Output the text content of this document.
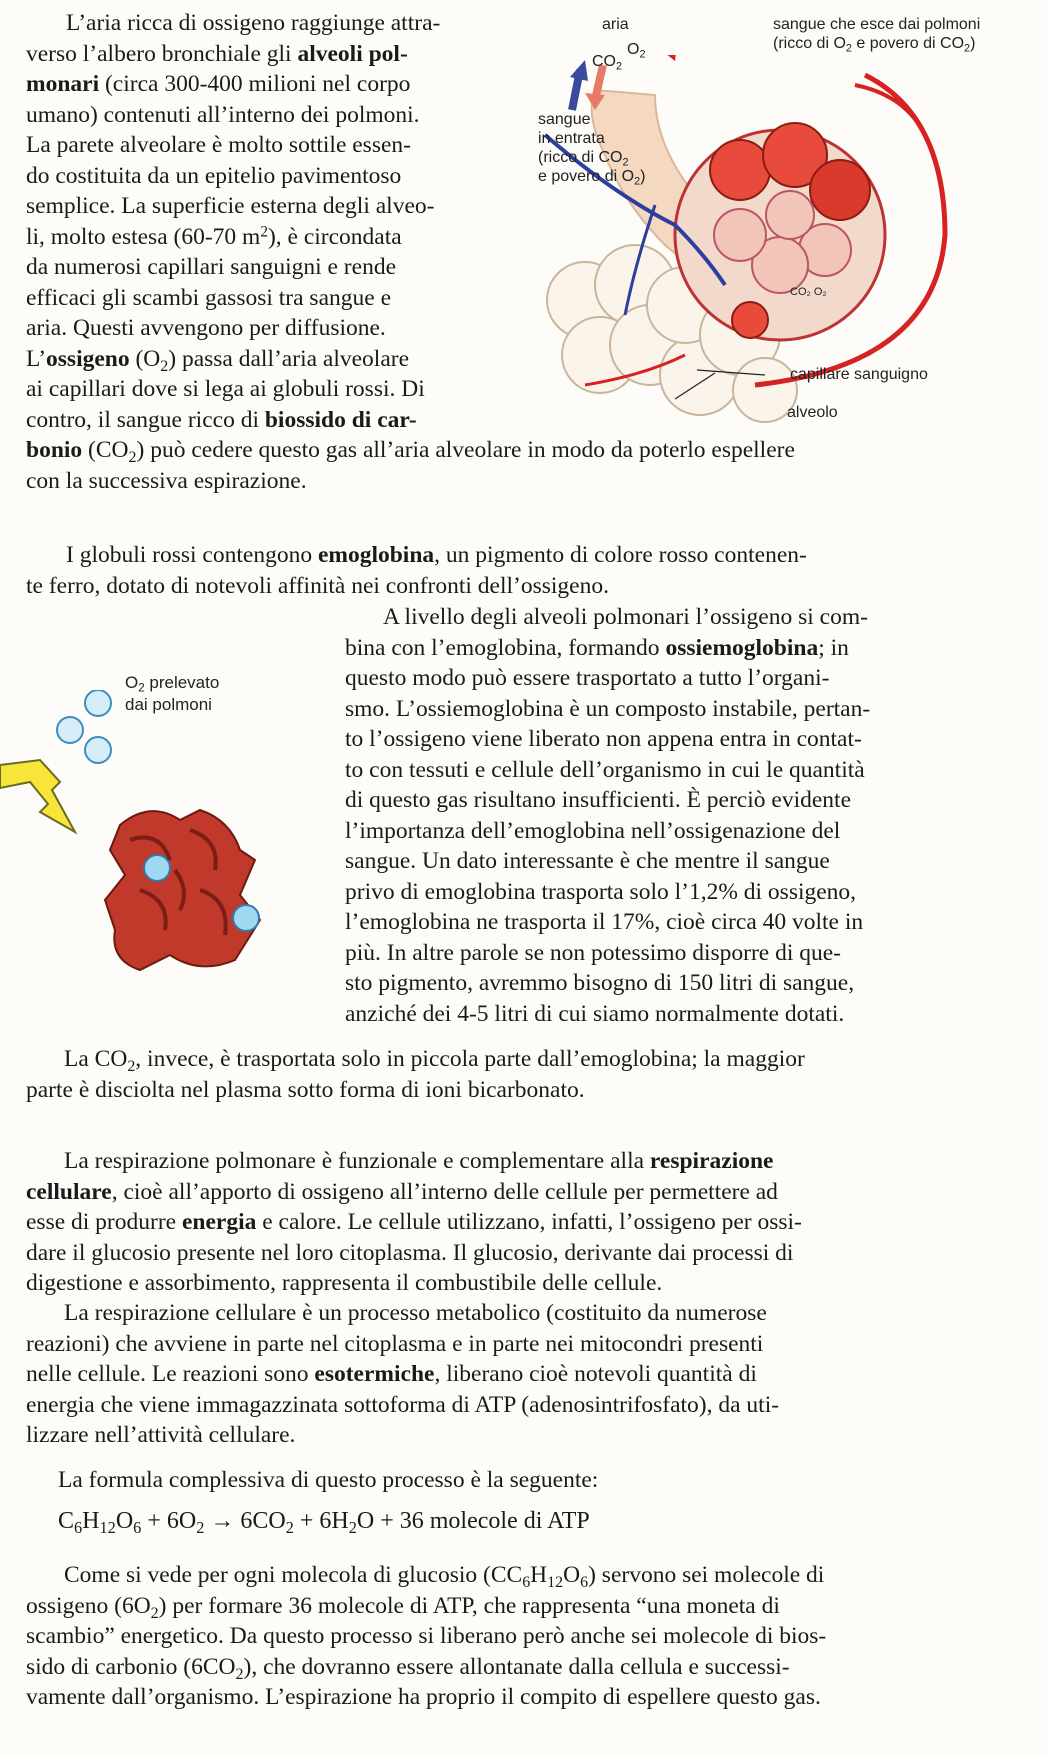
L’aria ricca di ossigeno raggiunge attra-
verso l’albero bronchiale gli alveoli pol-
monari (circa 300-400 milioni nel corpo
umano) contenuti all’interno dei polmoni.
La parete alveolare è molto sottile essen-
do costituita da un epitelio pavimentoso
semplice. La superficie esterna degli alveo-
li, molto estesa (60-70 $m^2$), è circondata
da numerosi capillari sanguigni e rende
efficaci gli scambi gassosi tra sangue e
aria. Questi avvengono per diffusione.
L’ossigeno $(O_2)$ passa dall’aria alveolare
ai capillari dove si lega ai globuli rossi. Di
contro, il sangue ricco di biossido di car-
bonio $(CO_2)$ può cedere questo gas all’aria alveolare in modo da poterlo espellere
con la successiva espirazione.
aria
$CO_2$
$O_2$
sangue che esce dai polmoni
(ricco di $O_2$ e povero di $CO_2$)
sangue
in entrata
(ricco di $CO_2$
e povero di $O_2$)
CO₂ O₂
capillare sanguigno
alveolo
I globuli rossi contengono emoglobina, un pigmento di colore rosso contenen-
te ferro, dotato di notevoli affinità nei confronti dell’ossigeno.
A livello degli alveoli polmonari l’ossigeno si com-
bina con l’emoglobina, formando ossiemoglobina; in
questo modo può essere trasportato a tutto l’organi-
smo. L’ossiemoglobina è un composto instabile, pertan-
to l’ossigeno viene liberato non appena entra in contat-
to con tessuti e cellule dell’organismo in cui le quantità
di questo gas risultano insufficienti. È perciò evidente
l’importanza dell’emoglobina nell’ossigenazione del
sangue. Un dato interessante è che mentre il sangue
privo di emoglobina trasporta solo l’1,2% di ossigeno,
l’emoglobina ne trasporta il 17%, cioè circa 40 volte in
più. In altre parole se non potessimo disporre di que-
sto pigmento, avremmo bisogno di 150 litri di sangue,
anziché dei 4-5 litri di cui siamo normalmente dotati.
La $CO_2$, invece, è trasportata solo in piccola parte dall’emoglobina; la maggior
parte è disciolta nel plasma sotto forma di ioni bicarbonato.
$O_2$ prelevato
dai polmoni
La respirazione polmonare è funzionale e complementare alla respirazione
cellulare, cioè all’apporto di ossigeno all’interno delle cellule per permettere ad
esse di produrre energia e calore. Le cellule utilizzano, infatti, l’ossigeno per ossi-
dare il glucosio presente nel loro citoplasma. Il glucosio, derivante dai processi di
digestione e assorbimento, rappresenta il combustibile delle cellule.
La respirazione cellulare è un processo metabolico (costituito da numerose
reazioni) che avviene in parte nel citoplasma e in parte nei mitocondri presenti
nelle cellule. Le reazioni sono esotermiche, liberano cioè notevoli quantità di
energia che viene immagazzinata sottoforma di ATP (adenosintrifosfato), da uti-
lizzare nell’attività cellulare.
La formula complessiva di questo processo è la seguente:
$C_6H_{12}O_6 + 6O_2 \to 6CO_2 + 6H_2O + 36$ molecole di ATP
Come si vede per ogni molecola di glucosio $(CC_6H_{12}O_6)$ servono sei molecole di
ossigeno $(6O_2)$ per formare 36 molecole di ATP, che rappresenta “una moneta di
scambio” energetico. Da questo processo si liberano però anche sei molecole di bios-
sido di carbonio $(6CO_2)$, che dovranno essere allontanate dalla cellula e successi-
vamente dall’organismo. L’espirazione ha proprio il compito di espellere questo gas.
